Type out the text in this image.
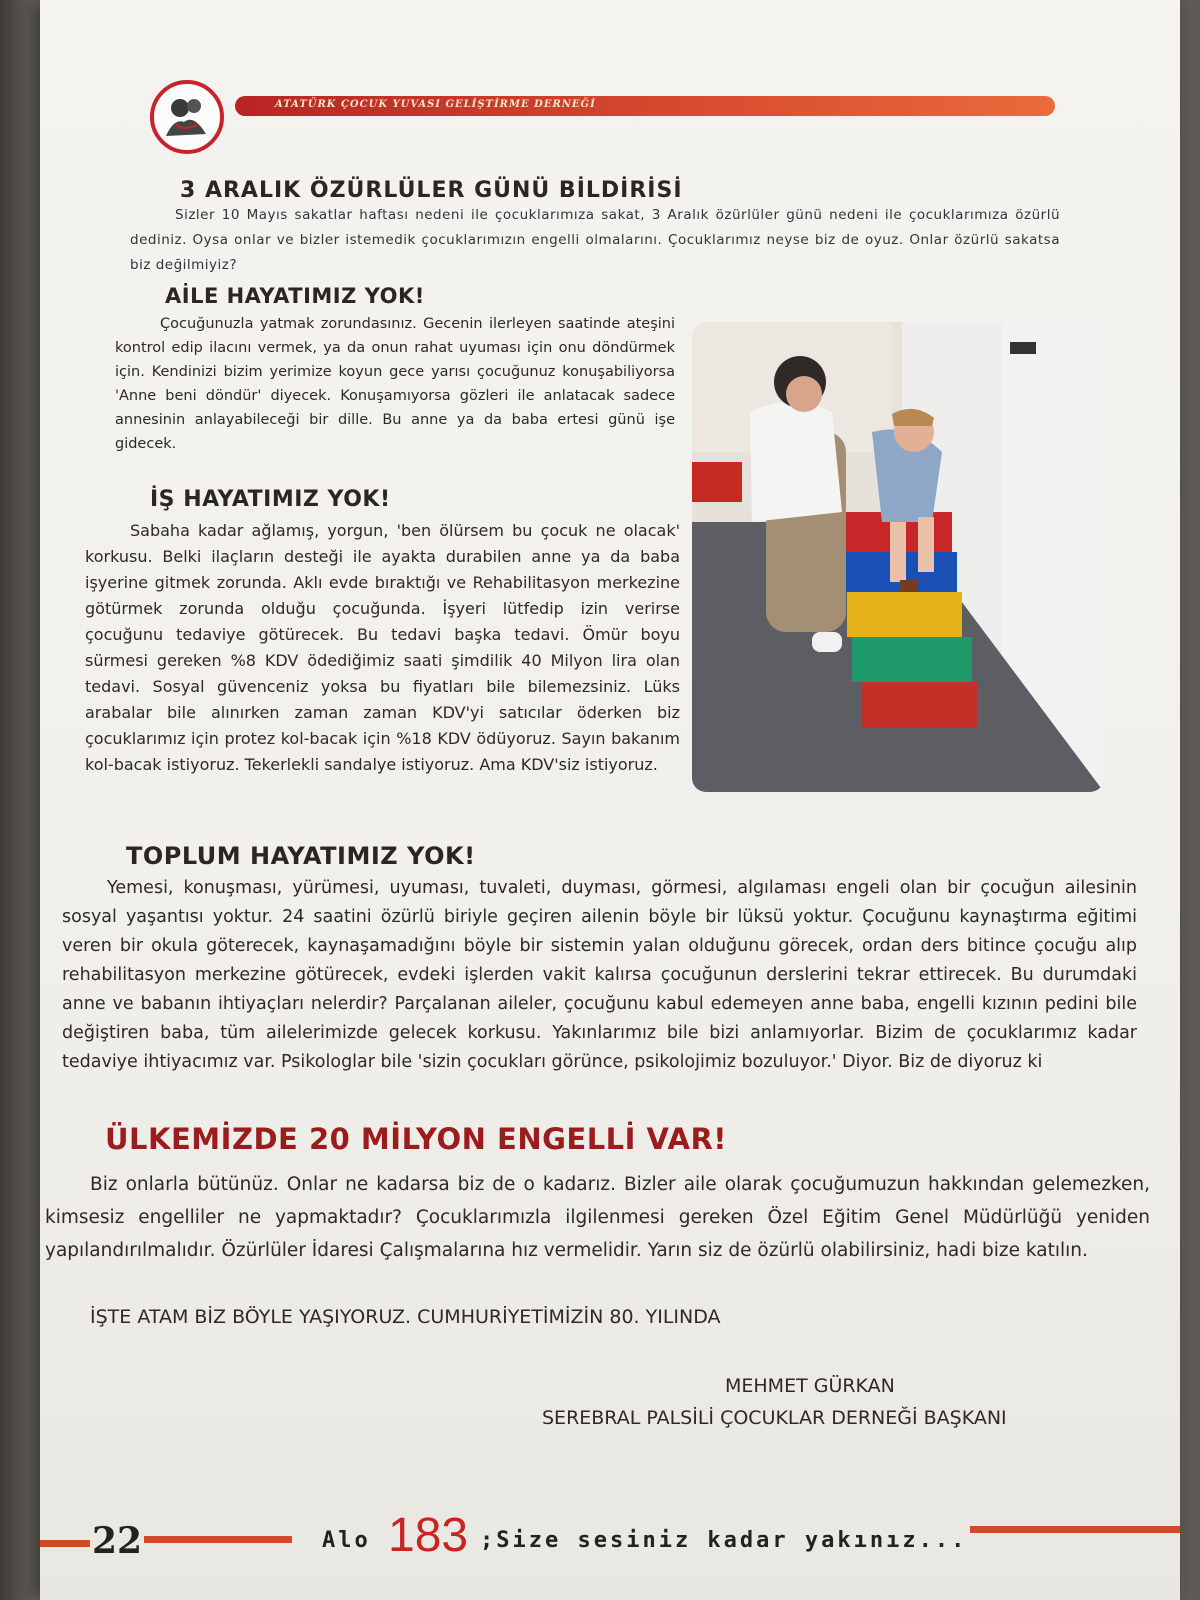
ATATÜRK ÇOCUK YUVASI GELİŞTİRME DERNEĞİ
3 ARALIK ÖZÜRLÜLER GÜNÜ BİLDİRİSİ
Sizler 10 Mayıs sakatlar haftası nedeni ile çocuklarımıza sakat, 3 Aralık özürlüler günü nedeni ile çocuklarımıza özürlü dediniz. Oysa onlar ve bizler istemedik çocuklarımızın engelli olmalarını. Çocuklarımız neyse biz de oyuz. Onlar özürlü sakatsa biz değilmiyiz?
AİLE HAYATIMIZ YOK!
Çocuğunuzla yatmak zorundasınız. Gecenin ilerleyen saatinde ateşini kontrol edip ilacını vermek, ya da onun rahat uyuması için onu döndürmek için. Kendinizi bizim yerimize koyun gece yarısı çocuğunuz konuşabiliyorsa 'Anne beni döndür' diyecek. Konuşamıyorsa gözleri ile anlatacak sadece annesinin anlayabileceği bir dille. Bu anne ya da baba ertesi günü işe gidecek.
İŞ HAYATIMIZ YOK!
Sabaha kadar ağlamış, yorgun, 'ben ölürsem bu çocuk ne olacak' korkusu. Belki ilaçların desteği ile ayakta durabilen anne ya da baba işyerine gitmek zorunda. Aklı evde bıraktığı ve Rehabilitasyon merkezine götürmek zorunda olduğu çocuğunda. İşyeri lütfedip izin verirse çocuğunu tedaviye götürecek. Bu tedavi başka tedavi. Ömür boyu sürmesi gereken %8 KDV ödediğimiz saati şimdilik 40 Milyon lira olan tedavi. Sosyal güvenceniz yoksa bu fiyatları bile bilemezsiniz. Lüks arabalar bile alınırken zaman zaman KDV'yi satıcılar öderken biz çocuklarımız için protez kol-bacak için %18 KDV ödüyoruz. Sayın bakanım kol-bacak istiyoruz. Tekerlekli sandalye istiyoruz. Ama KDV'siz istiyoruz.
TOPLUM HAYATIMIZ YOK!
Yemesi, konuşması, yürümesi, uyuması, tuvaleti, duyması, görmesi, algılaması engeli olan bir çocuğun ailesinin sosyal yaşantısı yoktur. 24 saatini özürlü biriyle geçiren ailenin böyle bir lüksü yoktur. Çocuğunu kaynaştırma eğitimi veren bir okula göterecek, kaynaşamadığını böyle bir sistemin yalan olduğunu görecek, ordan ders bitince çocuğu alıp rehabilitasyon merkezine götürecek, evdeki işlerden vakit kalırsa çocuğunun derslerini tekrar ettirecek. Bu durumdaki anne ve babanın ihtiyaçları nelerdir? Parçalanan aileler, çocuğunu kabul edemeyen anne baba, engelli kızının pedini bile değiştiren baba, tüm ailelerimizde gelecek korkusu. Yakınlarımız bile bizi anlamıyorlar. Bizim de çocuklarımız kadar tedaviye ihtiyacımız var. Psikologlar bile 'sizin çocukları görünce, psikolojimiz bozuluyor.' Diyor. Biz de diyoruz ki
ÜLKEMİZDE 20 MİLYON ENGELLİ VAR!
Biz onlarla bütünüz. Onlar ne kadarsa biz de o kadarız. Bizler aile olarak çocuğumuzun hakkından gelemezken, kimsesiz engelliler ne yapmaktadır? Çocuklarımızla ilgilenmesi gereken Özel Eğitim Genel Müdürlüğü yeniden yapılandırılmalıdır. Özürlüler İdaresi Çalışmalarına hız vermelidir. Yarın siz de özürlü olabilirsiniz, hadi bize katılın.
İŞTE ATAM BİZ BÖYLE YAŞIYORUZ. CUMHURİYETİMİZİN 80. YILINDA
MEHMET GÜRKAN
SEREBRAL PALSİLİ ÇOCUKLAR DERNEĞİ BAŞKANI
22	Alo 183 ;Size sesiniz kadar yakınız...
